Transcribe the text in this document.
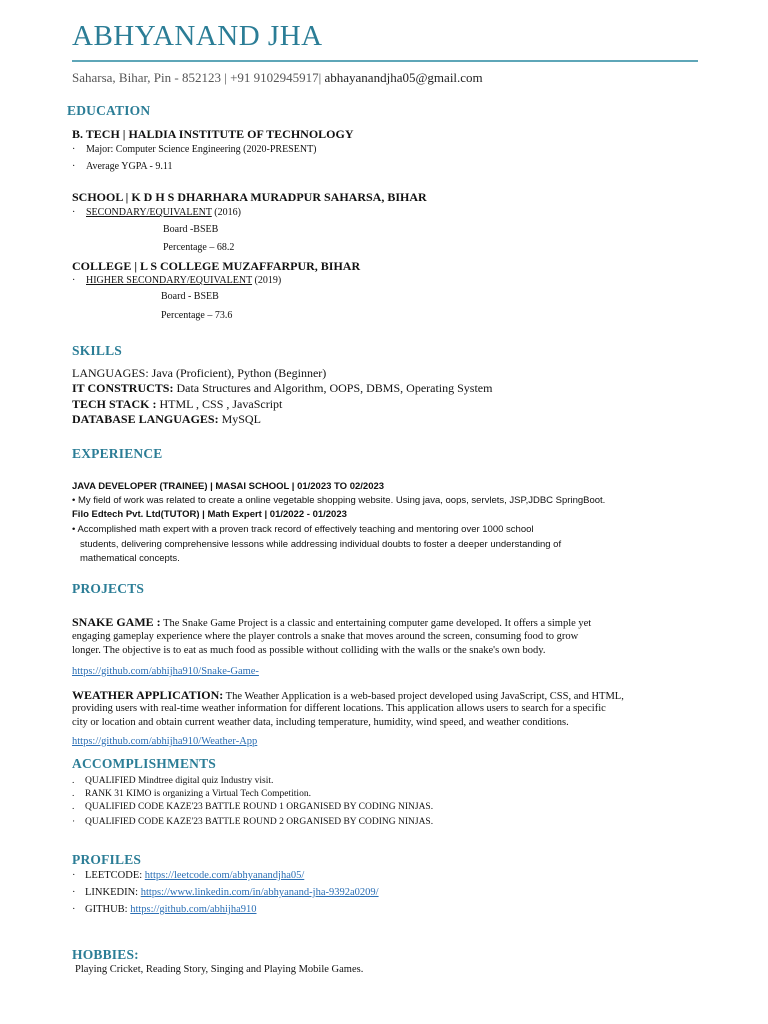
ABHYANAND JHA
Saharsa, Bihar, Pin - 852123 | +91 9102945917| abhayanandjha05@gmail.com
EDUCATION
B. TECH | HALDIA INSTITUTE OF TECHNOLOGY
· Major: Computer Science Engineering (2020-PRESENT)
· Average YGPA - 9.11
SCHOOL | K D H S DHARHARA MURADPUR SAHARSA, BIHAR
· SECONDARY/EQUIVALENT (2016)
Board -BSEB
Percentage – 68.2
COLLEGE | L S COLLEGE MUZAFFARPUR, BIHAR
· HIGHER SECONDARY/EQUIVALENT (2019)
Board - BSEB
Percentage – 73.6
SKILLS
LANGUAGES: Java (Proficient), Python (Beginner)
IT CONSTRUCTS: Data Structures and Algorithm, OOPS, DBMS, Operating System
TECH STACK : HTML , CSS , JavaScript
DATABASE LANGUAGES: MySQL
EXPERIENCE
JAVA DEVELOPER (TRAINEE) | MASAI SCHOOL | 01/2023 TO 02/2023
• My field of work was related to create a online vegetable shopping website. Using java, oops, servlets, JSP,JDBC SpringBoot.
Filo Edtech Pvt. Ltd(TUTOR) | Math Expert | 01/2022 - 01/2023
• Accomplished math expert with a proven track record of effectively teaching and mentoring over 1000 school
students, delivering comprehensive lessons while addressing individual doubts to foster a deeper understanding of
mathematical concepts.
PROJECTS
SNAKE GAME : The Snake Game Project is a classic and entertaining computer game developed. It offers a simple yet
engaging gameplay experience where the player controls a snake that moves around the screen, consuming food to grow
longer. The objective is to eat as much food as possible without colliding with the walls or the snake's own body.
https://github.com/abhijha910/Snake-Game-
WEATHER APPLICATION: The Weather Application is a web-based project developed using JavaScript, CSS, and HTML,
providing users with real-time weather information for different locations. This application allows users to search for a specific
city or location and obtain current weather data, including temperature, humidity, wind speed, and weather conditions.
https://github.com/abhijha910/Weather-App
ACCOMPLISHMENTS
. QUALIFIED Mindtree digital quiz Industry visit.
. RANK 31 KIMO is organizing a Virtual Tech Competition.
. QUALIFIED CODE KAZE'23 BATTLE ROUND 1 ORGANISED BY CODING NINJAS.
· QUALIFIED CODE KAZE'23 BATTLE ROUND 2 ORGANISED BY CODING NINJAS.
PROFILES
· LEETCODE: https://leetcode.com/abhyanandjha05/
· LINKEDIN: https://www.linkedin.com/in/abhyanand-jha-9392a0209/
· GITHUB: https://github.com/abhijha910
HOBBIES:
Playing Cricket, Reading Story, Singing and Playing Mobile Games.
